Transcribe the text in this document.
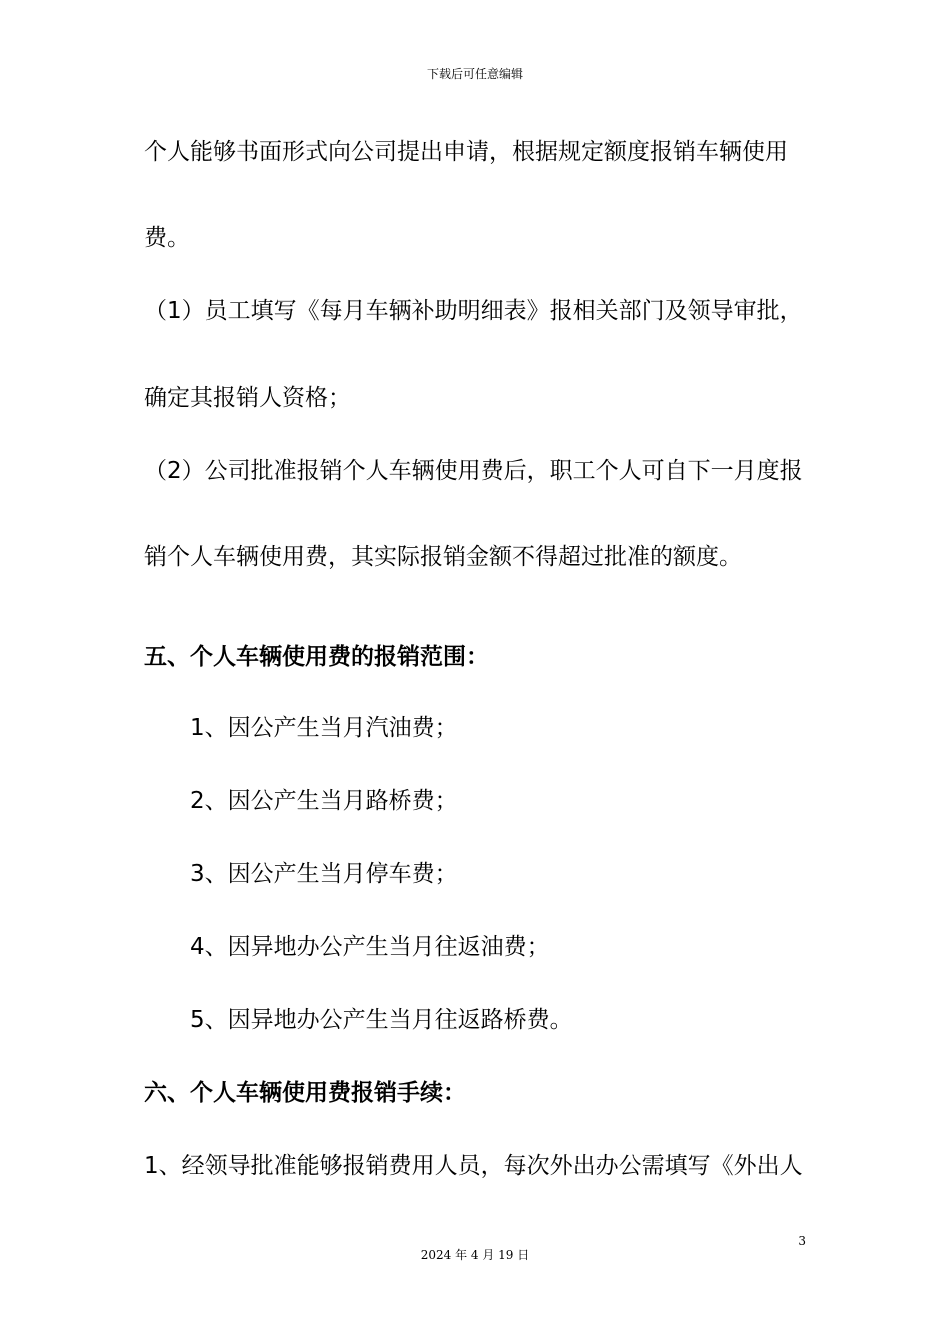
下载后可任意编辑
个人能够书面形式向公司提出申请，根据规定额度报销车辆使用
费。
（1）员工填写《每月车辆补助明细表》报相关部门及领导审批，
确定其报销人资格；
（2）公司批准报销个人车辆使用费后，职工个人可自下一月度报
销个人车辆使用费，其实际报销金额不得超过批准的额度。
五、个人车辆使用费的报销范围：
1、因公产生当月汽油费；
2、因公产生当月路桥费；
3、因公产生当月停车费；
4、因异地办公产生当月往返油费；
5、因异地办公产生当月往返路桥费。
六、个人车辆使用费报销手续：
1、经领导批准能够报销费用人员，每次外出办公需填写《外出人
3
2024 年 4 月 19 日
